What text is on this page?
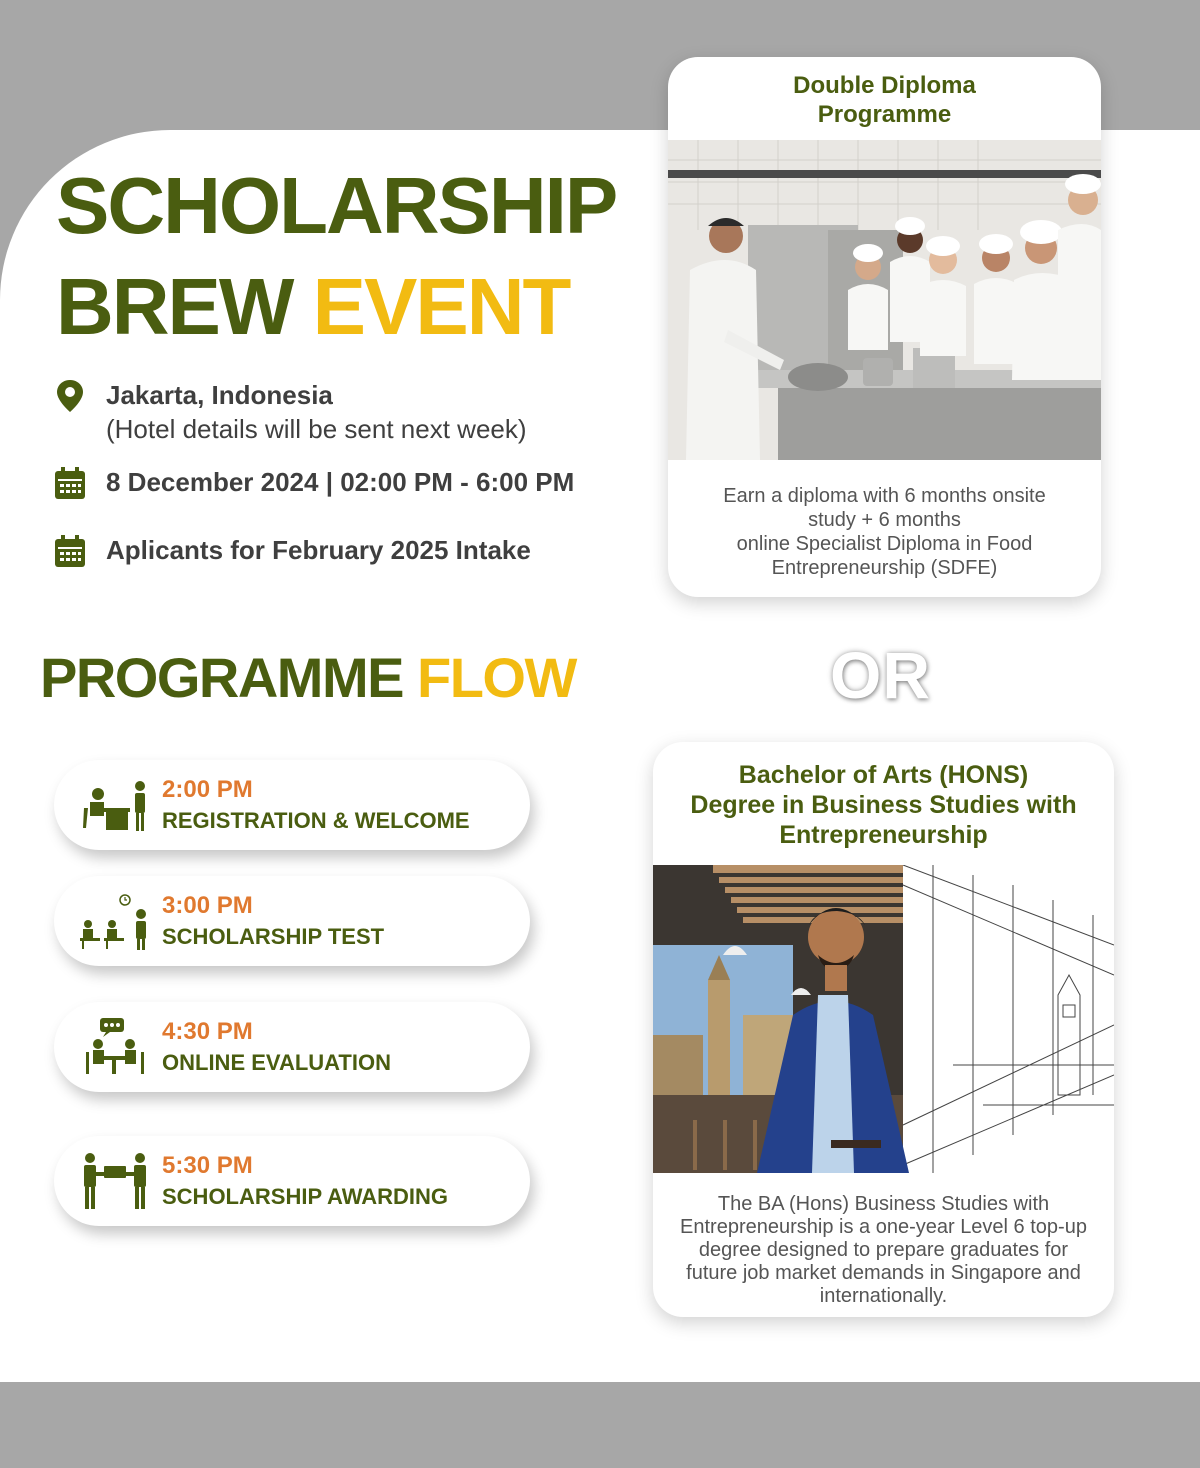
SCHOLARSHIP
BREW EVENT
Jakarta, Indonesia
(Hotel details will be sent next week)
8 December 2024 | 02:00 PM - 6:00 PM
Aplicants for February 2025 Intake
PROGRAMME FLOW
2:00 PM
REGISTRATION & WELCOME
3:00 PM
SCHOLARSHIP TEST
4:30 PM
ONLINE EVALUATION
5:30 PM
SCHOLARSHIP AWARDING
Double Diploma
Programme
Earn a diploma with 6 months onsite
study + 6 months
online Specialist Diploma in Food
Entrepreneurship (SDFE)
OR
Bachelor of Arts (HONS)
Degree in Business Studies with
Entrepreneurship
The BA (Hons) Business Studies with
Entrepreneurship is a one-year Level 6 top-up
degree designed to prepare graduates for
future job market demands in Singapore and
internationally.
